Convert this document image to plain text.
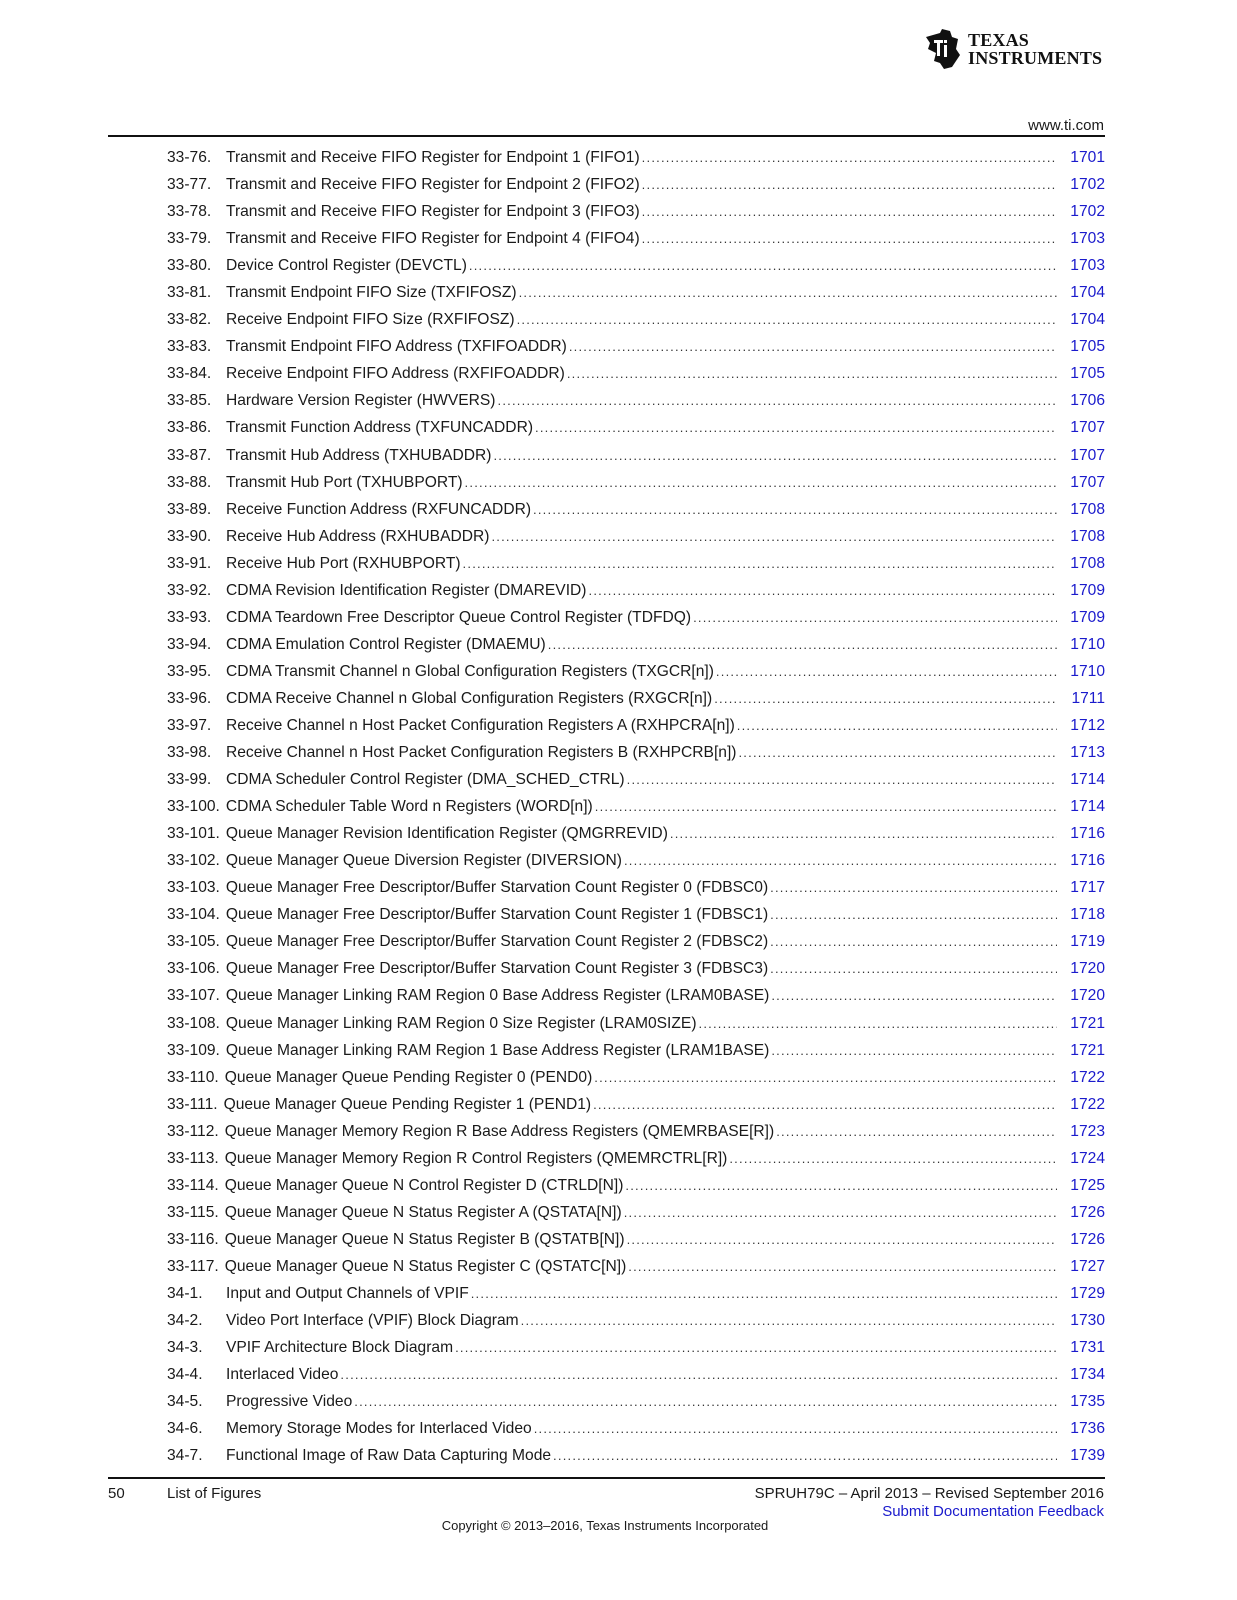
TEXAS
INSTRUMENTS
www.ti.com
33-76. Transmit and Receive FIFO Register for Endpoint 1 (FIFO1) . . .	1701
33-77. Transmit and Receive FIFO Register for Endpoint 2 (FIFO2) . . .	1702
33-78. Transmit and Receive FIFO Register for Endpoint 3 (FIFO3) . . .	1702
33-79. Transmit and Receive FIFO Register for Endpoint 4 (FIFO4) . . .	1703
33-80. Device Control Register (DEVCTL) . . .	1703
33-81. Transmit Endpoint FIFO Size (TXFIFOSZ) . . .	1704
33-82. Receive Endpoint FIFO Size (RXFIFOSZ) . . .	1704
33-83. Transmit Endpoint FIFO Address (TXFIFOADDR) . . .	1705
33-84. Receive Endpoint FIFO Address (RXFIFOADDR) . . .	1705
33-85. Hardware Version Register (HWVERS) . . .	1706
33-86. Transmit Function Address (TXFUNCADDR) . . .	1707
33-87. Transmit Hub Address (TXHUBADDR) . . .	1707
33-88. Transmit Hub Port (TXHUBPORT) . . .	1707
33-89. Receive Function Address (RXFUNCADDR) . . .	1708
33-90. Receive Hub Address (RXHUBADDR) . . .	1708
33-91. Receive Hub Port (RXHUBPORT) . . .	1708
33-92. CDMA Revision Identification Register (DMAREVID) . . .	1709
33-93. CDMA Teardown Free Descriptor Queue Control Register (TDFDQ) . . .	1709
33-94. CDMA Emulation Control Register (DMAEMU) . . .	1710
33-95. CDMA Transmit Channel n Global Configuration Registers (TXGCR[n]) . . .	1710
33-96. CDMA Receive Channel n Global Configuration Registers (RXGCR[n]) . . .	1711
33-97. Receive Channel n Host Packet Configuration Registers A (RXHPCRA[n]) . . .	1712
33-98. Receive Channel n Host Packet Configuration Registers B (RXHPCRB[n]) . . .	1713
33-99. CDMA Scheduler Control Register (DMA_SCHED_CTRL) . . .	1714
33-100. CDMA Scheduler Table Word n Registers (WORD[n]) . . .	1714
33-101. Queue Manager Revision Identification Register (QMGRREVID) . . .	1716
33-102. Queue Manager Queue Diversion Register (DIVERSION) . . .	1716
33-103. Queue Manager Free Descriptor/Buffer Starvation Count Register 0 (FDBSC0) . . .	1717
33-104. Queue Manager Free Descriptor/Buffer Starvation Count Register 1 (FDBSC1) . . .	1718
33-105. Queue Manager Free Descriptor/Buffer Starvation Count Register 2 (FDBSC2) . . .	1719
33-106. Queue Manager Free Descriptor/Buffer Starvation Count Register 3 (FDBSC3) . . .	1720
33-107. Queue Manager Linking RAM Region 0 Base Address Register (LRAM0BASE) . . .	1720
33-108. Queue Manager Linking RAM Region 0 Size Register (LRAM0SIZE) . . .	1721
33-109. Queue Manager Linking RAM Region 1 Base Address Register (LRAM1BASE) . . .	1721
33-110. Queue Manager Queue Pending Register 0 (PEND0) . . .	1722
33-111. Queue Manager Queue Pending Register 1 (PEND1) . . .	1722
33-112. Queue Manager Memory Region R Base Address Registers (QMEMRBASE[R]) . . .	1723
33-113. Queue Manager Memory Region R Control Registers (QMEMRCTRL[R]) . . .	1724
33-114. Queue Manager Queue N Control Register D (CTRLD[N]) . . .	1725
33-115. Queue Manager Queue N Status Register A (QSTATA[N]) . . .	1726
33-116. Queue Manager Queue N Status Register B (QSTATB[N]) . . .	1726
33-117. Queue Manager Queue N Status Register C (QSTATC[N]) . . .	1727
34-1.	Input and Output Channels of VPIF . . .	1729
34-2.	Video Port Interface (VPIF) Block Diagram . . .	1730
34-3.	VPIF Architecture Block Diagram . . .	1731
34-4.	Interlaced Video . . .	1734
34-5.	Progressive Video . . .	1735
34-6.	Memory Storage Modes for Interlaced Video . . .	1736
34-7.	Functional Image of Raw Data Capturing Mode . . .	1739
50	List of Figures	SPRUH79C – April 2013 – Revised September 2016
Submit Documentation Feedback
Copyright © 2013–2016, Texas Instruments Incorporated
